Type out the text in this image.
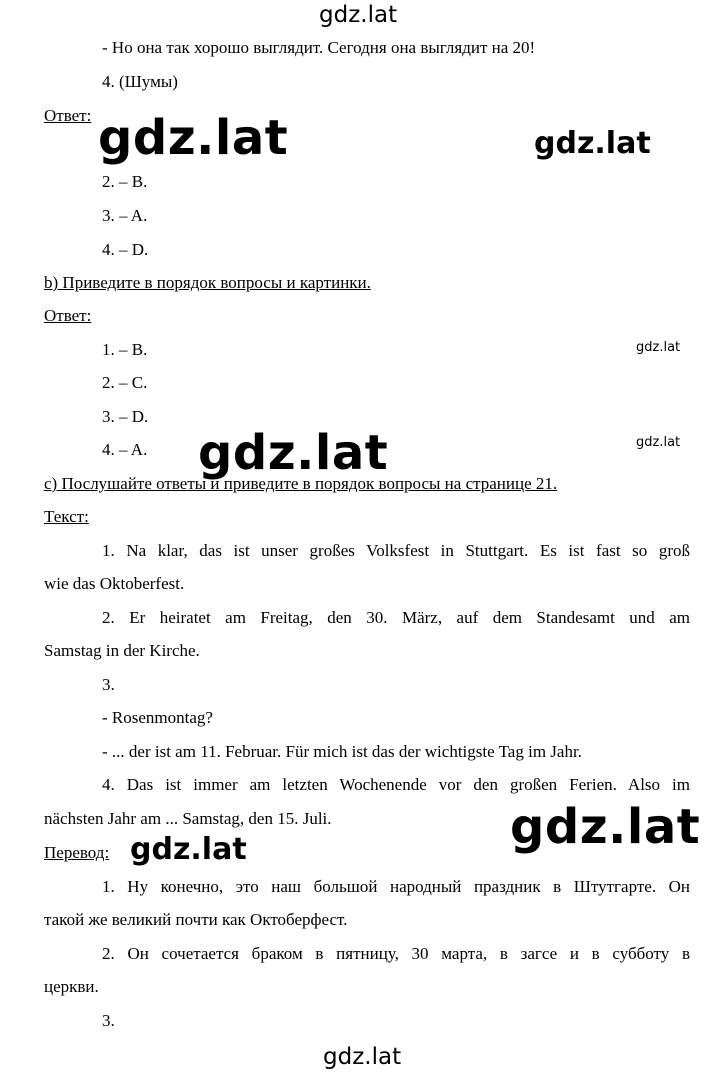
gdz.lat
gdz.lat	gdz.lat
gdz.lat
gdz.lat
gdz.lat
gdz.lat
gdz.lat
gdz.lat
- Но она так хорошо выглядит. Сегодня она выглядит на 20!
4. (Шумы)
Ответ:
2. – B.
3. – A.
4. – D.
b) Приведите в порядок вопросы и картинки.
Ответ:
1. – B.
2. – C.
3. – D.
4. – A.
c) Послушайте ответы и приведите в порядок вопросы на странице 21.
Текст:
1. Na klar, das ist unser großes Volksfest in Stuttgart. Es ist fast so groß
wie das Oktoberfest.
2. Er heiratet am Freitag, den 30. März, auf dem Standesamt und am
Samstag in der Kirche.
3.
- Rosenmontag?
- ... der ist am 11. Februar. Für mich ist das der wichtigste Tag im Jahr.
4. Das ist immer am letzten Wochenende vor den großen Ferien. Also im
nächsten Jahr am ... Samstag, den 15. Juli.
Перевод:
1. Ну конечно, это наш большой народный праздник в Штутгарте. Он
такой же великий почти как Октоберфест.
2. Он сочетается браком в пятницу, 30 марта, в загсе и в субботу в
церкви.
3.
